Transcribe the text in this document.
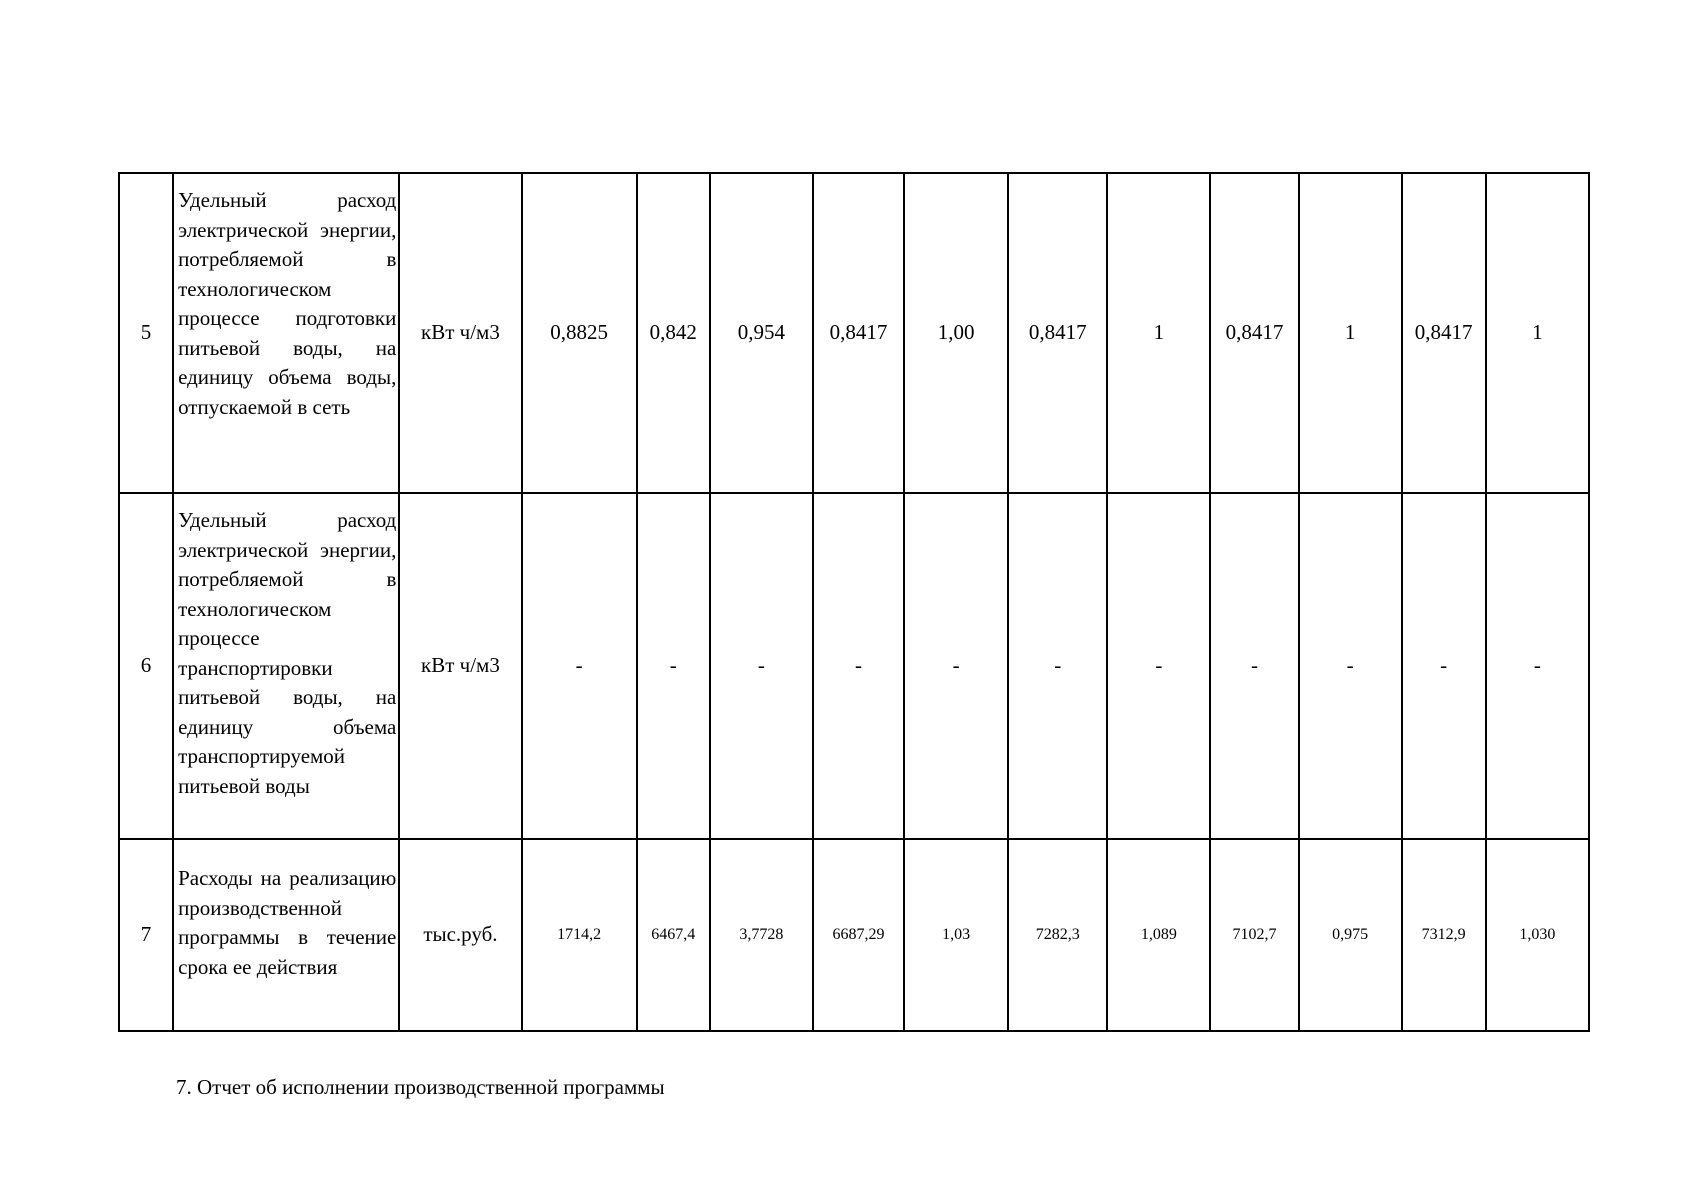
5	Удельный расход электрической энергии, потребляемой в технологическом процессе подготовки питьевой воды, на единицу объема воды, отпускаемой в сеть	кВт ч/м3	0,8825	0,842	0,954	0,8417	1,00	0,8417	1	0,8417	1	0,8417	1
6	Удельный расход электрической энергии, потребляемой в технологическом процессе транспортировки питьевой воды, на единицу объема транспортируемой питьевой воды	кВт ч/м3	-	-	-	-	-	-	-	-	-	-	-
7	Расходы на реализацию производственной программы в течение срока ее действия	тыс.руб.	1714,2	6467,4	3,7728	6687,29	1,03	7282,3	1,089	7102,7	0,975	7312,9	1,030
7. Отчет об исполнении производственной программы
